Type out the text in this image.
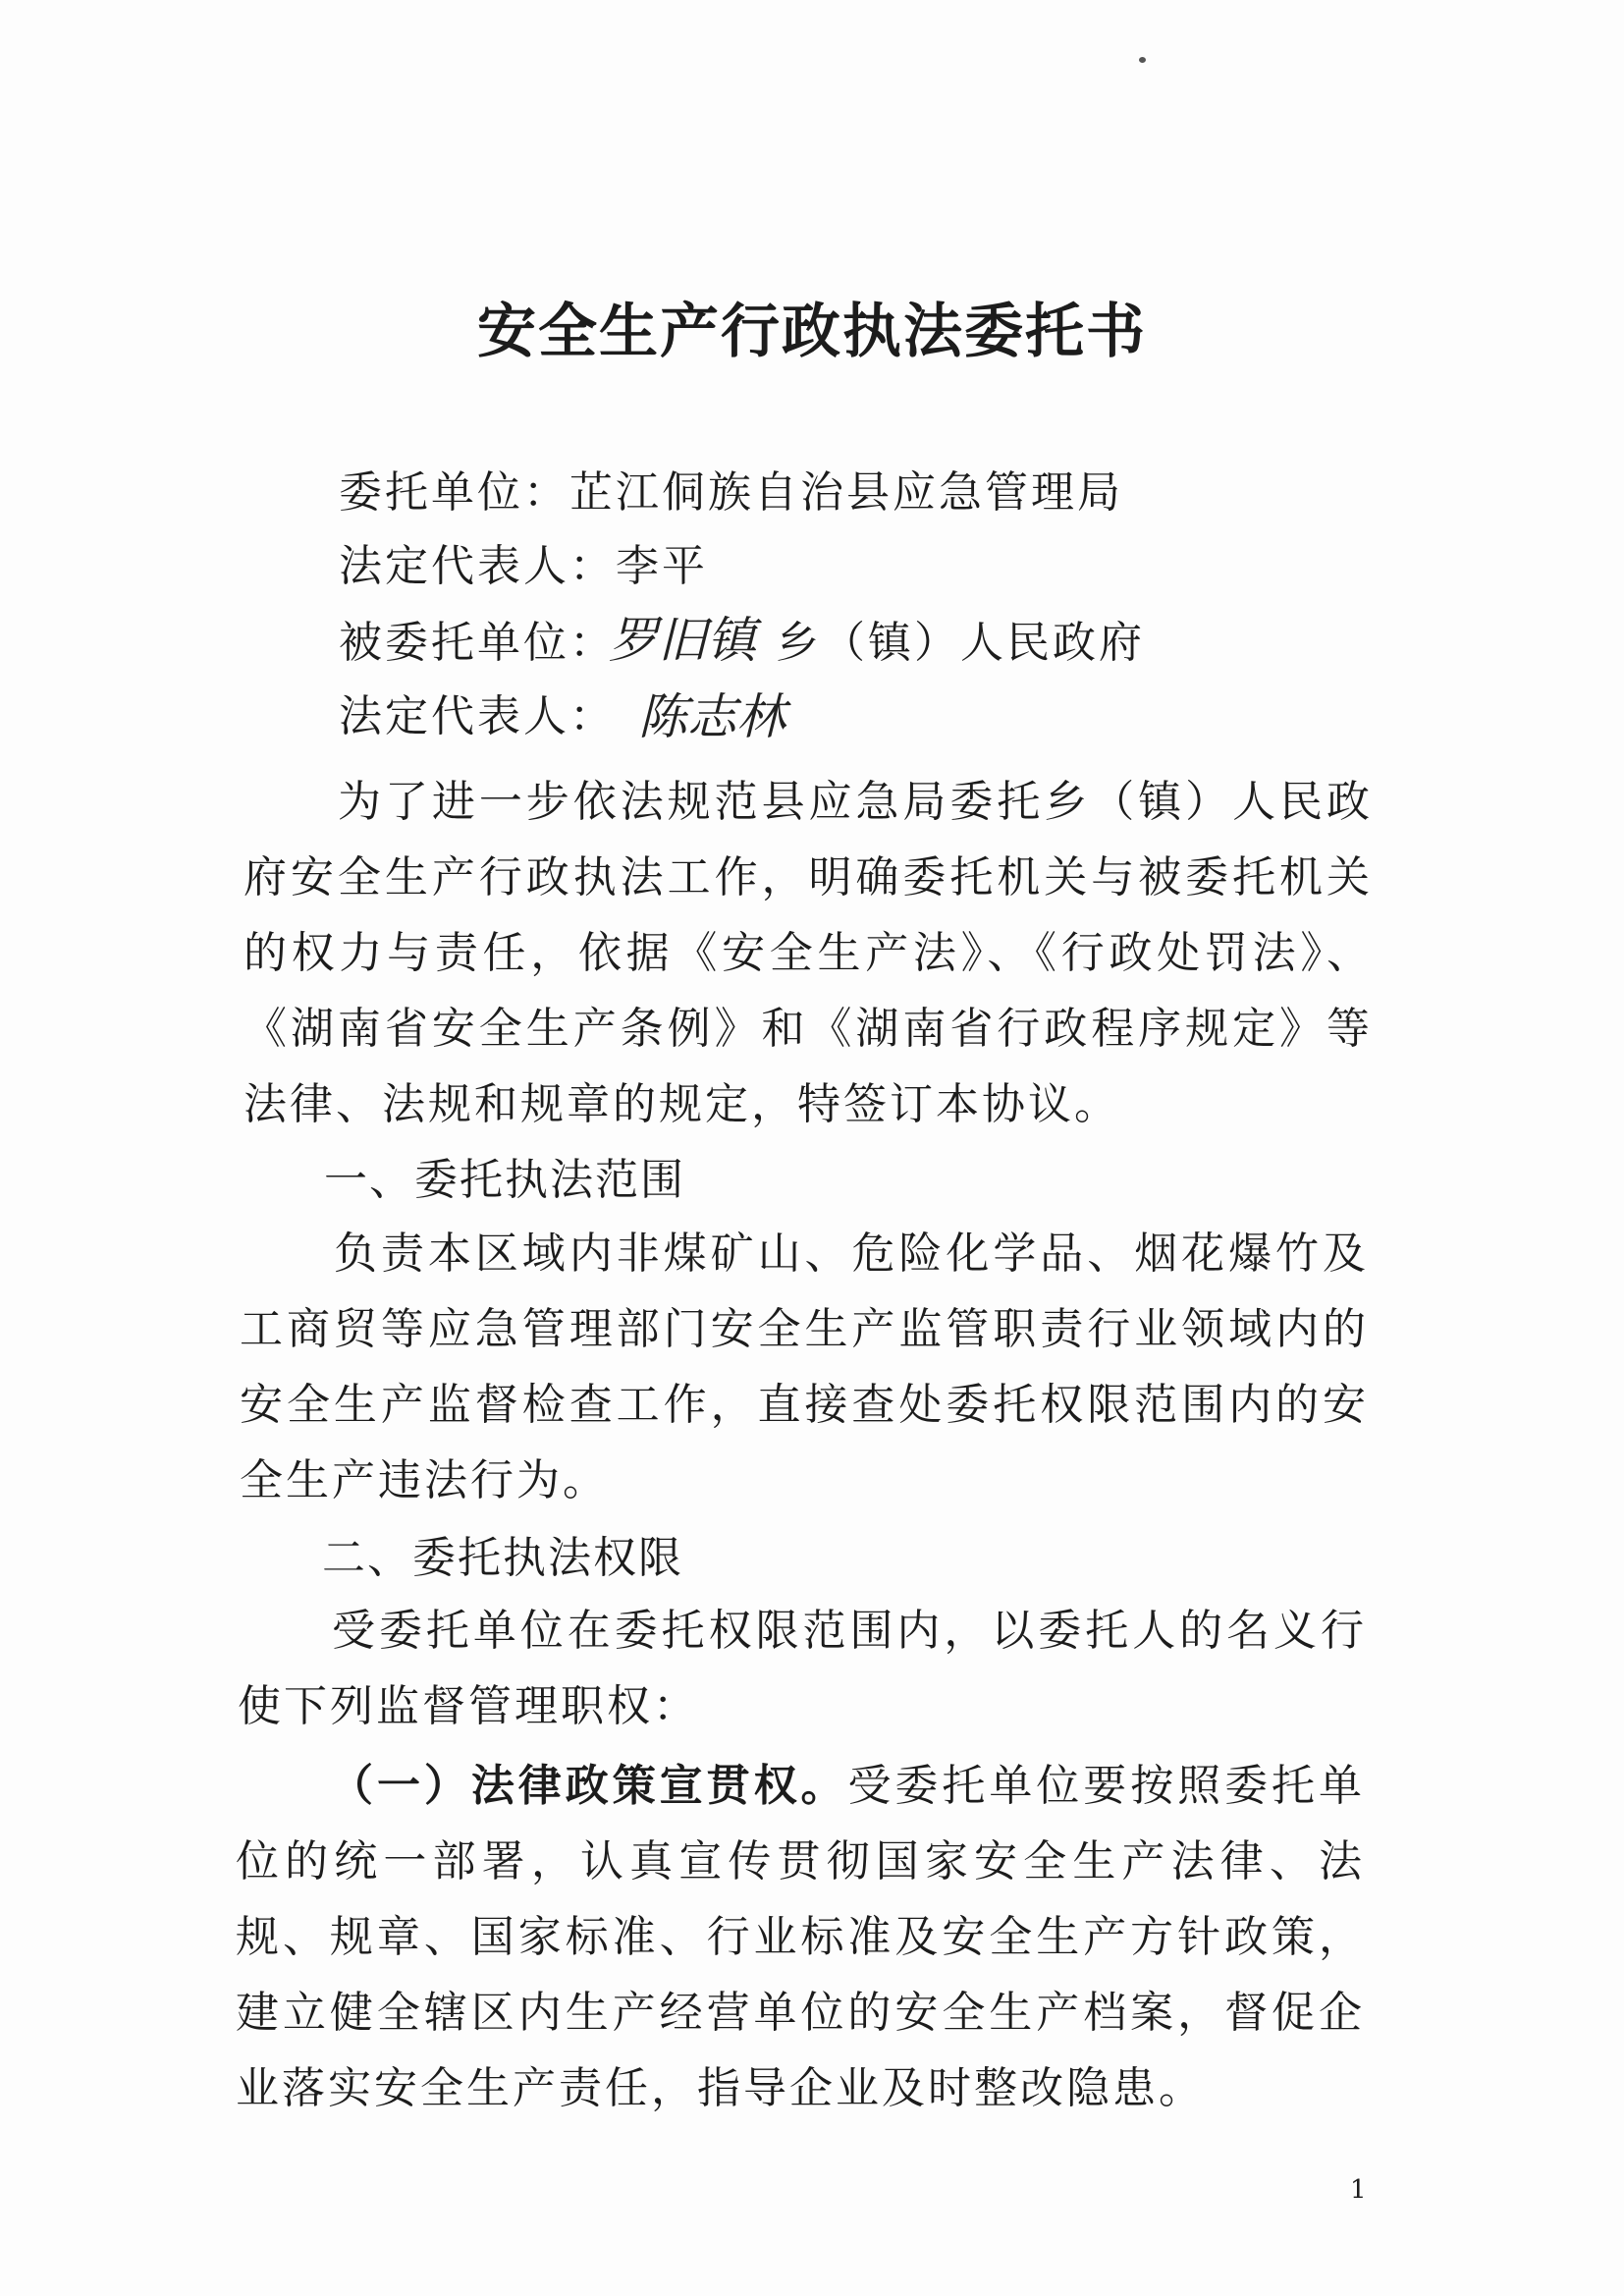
安全生产行政执法委托书
委托单位：芷江侗族自治县应急管理局
法定代表人：李平
被委托单位：
罗旧镇 乡（镇）人民政府
法定代表人： 陈志林
为了进一步依法规范县应急局委托乡（镇）人民政府安全生产行政执法工作，明确委托机关与被委托机关的权力与责任，依据《安全生产法》、《行政处罚法》、《湖南省安全生产条例》和《湖南省行政程序规定》等法律、法规和规章的规定，特签订本协议。
一、委托执法范围
负责本区域内非煤矿山、危险化学品、烟花爆竹及工商贸等应急管理部门安全生产监管职责行业领域内的安全生产监督检查工作，直接查处委托权限范围内的安全生产违法行为。
二、委托执法权限
受委托单位在委托权限范围内，以委托人的名义行使下列监督管理职权：
（一）法律政策宣贯权。受委托单位要按照委托单位的统一部署，认真宣传贯彻国家安全生产法律、法规、规章、国家标准、行业标准及安全生产方针政策，建立健全辖区内生产经营单位的安全生产档案，督促企业落实安全生产责任，指导企业及时整改隐患。
1
